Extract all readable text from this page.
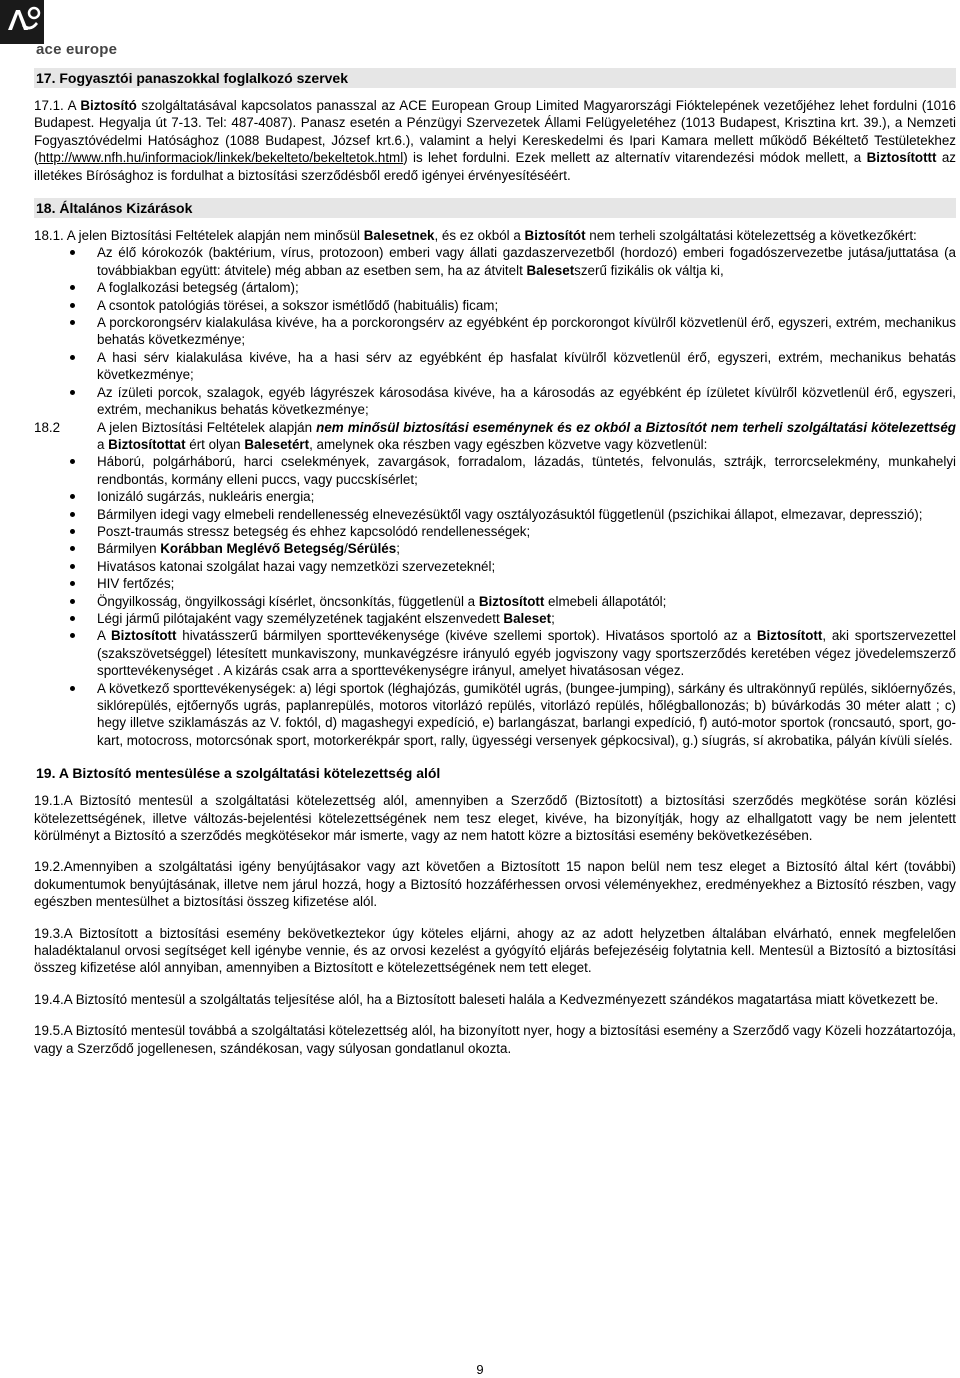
ace europe
17. Fogyasztói panaszokkal foglalkozó szervek

17.1. A Biztosító szolgáltatásával kapcsolatos panasszal az ACE European Group Limited Magyarországi Fióktelepének vezetőjéhez lehet fordulni (1016 Budapest. Hegyalja út 7-13. Tel: 487-4087). Panasz esetén a Pénzügyi Szervezetek Állami Felügyeletéhez (1013 Budapest, Krisztina krt. 39.), a Nemzeti Fogyasztóvédelmi Hatósághoz (1088 Budapest, József krt.6.), valamint a helyi Kereskedelmi és Ipari Kamara mellett működő Békéltető Testületekhez (http://www.nfh.hu/informaciok/linkek/bekelteto/bekeltetok.html) is lehet fordulni. Ezek mellett az alternatív vitarendezési módok mellett, a Biztosítottt az illetékes Bírósághoz is fordulhat a biztosítási szerződésből eredő igényei érvényesítéséért.

18. Általános Kizárások

18.1. A jelen Biztosítási Feltételek alapján nem minősül Balesetnek, és ez okból a Biztosítót nem terheli szolgáltatási kötelezettség a következőkért:

Az élő kórokozók (baktérium, vírus, protozoon) emberi vagy állati gazdaszervezetből (hordozó) emberi fogadószervezetbe jutása/juttatása (a továbbiakban együtt: átvitele) még abban az esetben sem, ha az átvitelt Balesetszerű fizikális ok váltja ki,
A foglalkozási betegség (ártalom);
A csontok patológiás törései, a sokszor ismétlődő (habituális) ficam;
A porckorongsérv kialakulása kivéve, ha a porckorongsérv az egyébként ép porckorongot kívülről közvetlenül érő, egyszeri, extrém, mechanikus behatás következménye;
A hasi sérv kialakulása kivéve, ha a hasi sérv az egyébként ép hasfalat kívülről közvetlenül érő, egyszeri, extrém, mechanikus behatás következménye;
Az ízületi porcok, szalagok, egyéb lágyrészek károsodása kivéve, ha a károsodás az egyébként ép ízületet kívülről közvetlenül érő, egyszeri, extrém, mechanikus behatás következménye;
18.2	A jelen Biztosítási Feltételek alapján nem minősül biztosítási eseménynek és ez okból a Biztosítót nem terheli szolgáltatási kötelezettség a Biztosítottat ért olyan Balesetért, amelynek oka részben vagy egészben közvetve vagy közvetlenül:
Háború, polgárháború, harci cselekmények, zavargások, forradalom, lázadás, tüntetés, felvonulás, sztrájk, terrorcselekmény, munkahelyi rendbontás, kormány elleni puccs, vagy puccskísérlet;
Ionizáló sugárzás, nukleáris energia;
Bármilyen idegi vagy elmebeli rendellenesség elnevezésüktől vagy osztályozásuktól függetlenül (pszichikai állapot, elmezavar, depresszió);
Poszt-traumás stressz betegség és ehhez kapcsolódó rendellenességek;
Bármilyen Korábban Meglévő Betegség/Sérülés;
Hivatásos katonai szolgálat hazai vagy nemzetközi szervezeteknél;
HIV fertőzés;
Öngyilkosság, öngyilkossági kísérlet, öncsonkítás, függetlenül a Biztosított elmebeli állapotától;
Légi jármű pilótajaként vagy személyzetének tagjaként elszenvedett Baleset;
A Biztosított hivatásszerű bármilyen sporttevékenysége (kivéve szellemi sportok). Hivatásos sportoló az a Biztosított, aki sportszervezettel (szakszövetséggel) létesített munkaviszony, munkavégzésre irányuló egyéb jogviszony vagy sportszerződés keretében végez jövedelemszerző sporttevékenységet . A kizárás csak arra a sporttevékenységre irányul, amelyet hivatásosan végez.
A következő sporttevékenységek: a) légi sportok (léghajózás, gumikötél ugrás, (bungee-jumping), sárkány és ultrakönnyű repülés, siklóernyőzés, siklórepülés, ejtőernyős ugrás, paplanrepülés, motoros vitorlázó repülés, vitorlázó repülés, hőlégballonozás; b) búvárkodás 30 méter alatt ; c) hegy illetve sziklamászás az V. foktól, d) magashegyi expedíció, e) barlangászat, barlangi expedíció, f) autó-motor sportok (roncsautó, sport, go-kart, motocross, motorcsónak sport, motorkerékpár sport, rally, ügyességi versenyek gépkocsival), g.) síugrás, sí akrobatika, pályán kívüli síelés.
19. A Biztosító mentesülése a szolgáltatási kötelezettség alól

19.1.A Biztosító mentesül a szolgáltatási kötelezettség alól, amennyiben a Szerződő (Biztosított) a biztosítási szerződés megkötése során közlési kötelezettségének, illetve változás-bejelentési kötelezettségének nem tesz eleget, kivéve, ha bizonyítják, hogy az elhallgatott vagy be nem jelentett körülményt a Biztosító a szerződés megkötésekor már ismerte, vagy az nem hatott közre a biztosítási esemény bekövetkezésében.

19.2.Amennyiben a szolgáltatási igény benyújtásakor vagy azt követően a Biztosított 15 napon belül nem tesz eleget a Biztosító által kért (további) dokumentumok benyújtásának, illetve nem járul hozzá, hogy a Biztosító hozzáférhessen orvosi véleményekhez, eredményekhez a Biztosító részben, vagy egészben mentesülhet a biztosítási összeg kifizetése alól.

19.3.A Biztosított a biztosítási esemény bekövetkeztekor úgy köteles eljárni, ahogy az az adott helyzetben általában elvárható, ennek megfelelően haladéktalanul orvosi segítséget kell igénybe vennie, és az orvosi kezelést a gyógyító eljárás befejezéséig folytatnia kell. Mentesül a Biztosító a biztosítási összeg kifizetése alól annyiban, amennyiben a Biztosított e kötelezettségének nem tett eleget.

19.4.A Biztosító mentesül a szolgáltatás teljesítése alól, ha a Biztosított baleseti halála a Kedvezményezett szándékos magatartása miatt következett be.

19.5.A Biztosító mentesül továbbá a szolgáltatási kötelezettség alól, ha bizonyított nyer, hogy a biztosítási esemény a Szerződő vagy Közeli hozzátartozója, vagy a Szerződő jogellenesen, szándékosan, vagy súlyosan gondatlanul okozta.

9
